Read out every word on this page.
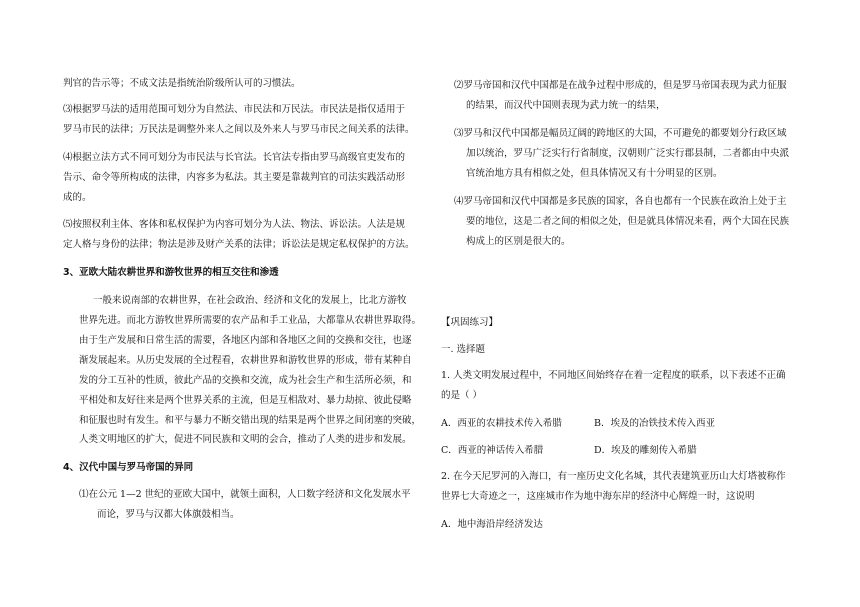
判官的告示等；不成文法是指统治阶级所认可的习惯法。
⑶根据罗马法的适用范围可划分为自然法、市民法和万民法。市民法是指仅适用于
罗马市民的法律；万民法是调整外来人之间以及外来人与罗马市民之间关系的法律。
⑷根据立法方式不同可划分为市民法与长官法。长官法专指由罗马高级官吏发布的
告示、命令等所构成的法律，内容多为私法。其主要是靠裁判官的司法实践活动形
成的。
⑸按照权利主体、客体和私权保护为内容可划分为人法、物法、诉讼法。人法是规
定人格与身份的法律；物法是涉及财产关系的法律；诉讼法是规定私权保护的方法。
3、亚欧大陆农耕世界和游牧世界的相互交往和渗透
一般来说南部的农耕世界，在社会政治、经济和文化的发展上，比北方游牧
世界先进。而北方游牧世界所需要的农产品和手工业品，大都靠从农耕世界取得。
由于生产发展和日常生活的需要，各地区内部和各地区之间的交换和交往，也逐
渐发展起来。从历史发展的全过程看，农耕世界和游牧世界的形成，带有某种自
发的分工互补的性质，彼此产品的交换和交流，成为社会生产和生活所必须，和
平相处和友好往来是两个世界关系的主流，但是互相敌对、暴力劫掠、彼此侵略
和征服也时有发生。和平与暴力不断交错出现的结果是两个世界之间闭塞的突破，
人类文明地区的扩大，促进不同民族和文明的会合，推动了人类的进步和发展。
4、汉代中国与罗马帝国的异同
⑴在公元 1—2 世纪的亚欧大国中，就领土面积，人口数字经济和文化发展水平
而论，罗马与汉都大体旗鼓相当。
⑵罗马帝国和汉代中国都是在战争过程中形成的，但是罗马帝国表现为武力征服
的结果，而汉代中国则表现为武力统一的结果，
⑶罗马和汉代中国都是幅员辽阔的跨地区的大国，不可避免的都要划分行政区域
加以统治，罗马广泛实行行省制度，汉朝则广泛实行郡县制，二者都由中央派
官统治地方具有相似之处，但具体情况又有十分明显的区别。
⑷罗马帝国和汉代中国都是多民族的国家，各自也都有一个民族在政治上处于主
要的地位，这是二者之间的相似之处，但是就具体情况来看，两个大国在民族
构成上的区别是很大的。
【巩固练习】
一. 选择题
1. 人类文明发展过程中，不同地区间始终存在着一定程度的联系，以下表述不正确
的是（ ）
A．西亚的农耕技术传入希腊	B．埃及的冶铁技术传入西亚
C．西亚的神话传入希腊	D．埃及的雕刻传入希腊
2. 在今天尼罗河的入海口，有一座历史文化名城，其代表建筑亚历山大灯塔被称作
世界七大奇迹之一，这座城市作为地中海东岸的经济中心辉煌一时，这说明
A．地中海沿岸经济发达
